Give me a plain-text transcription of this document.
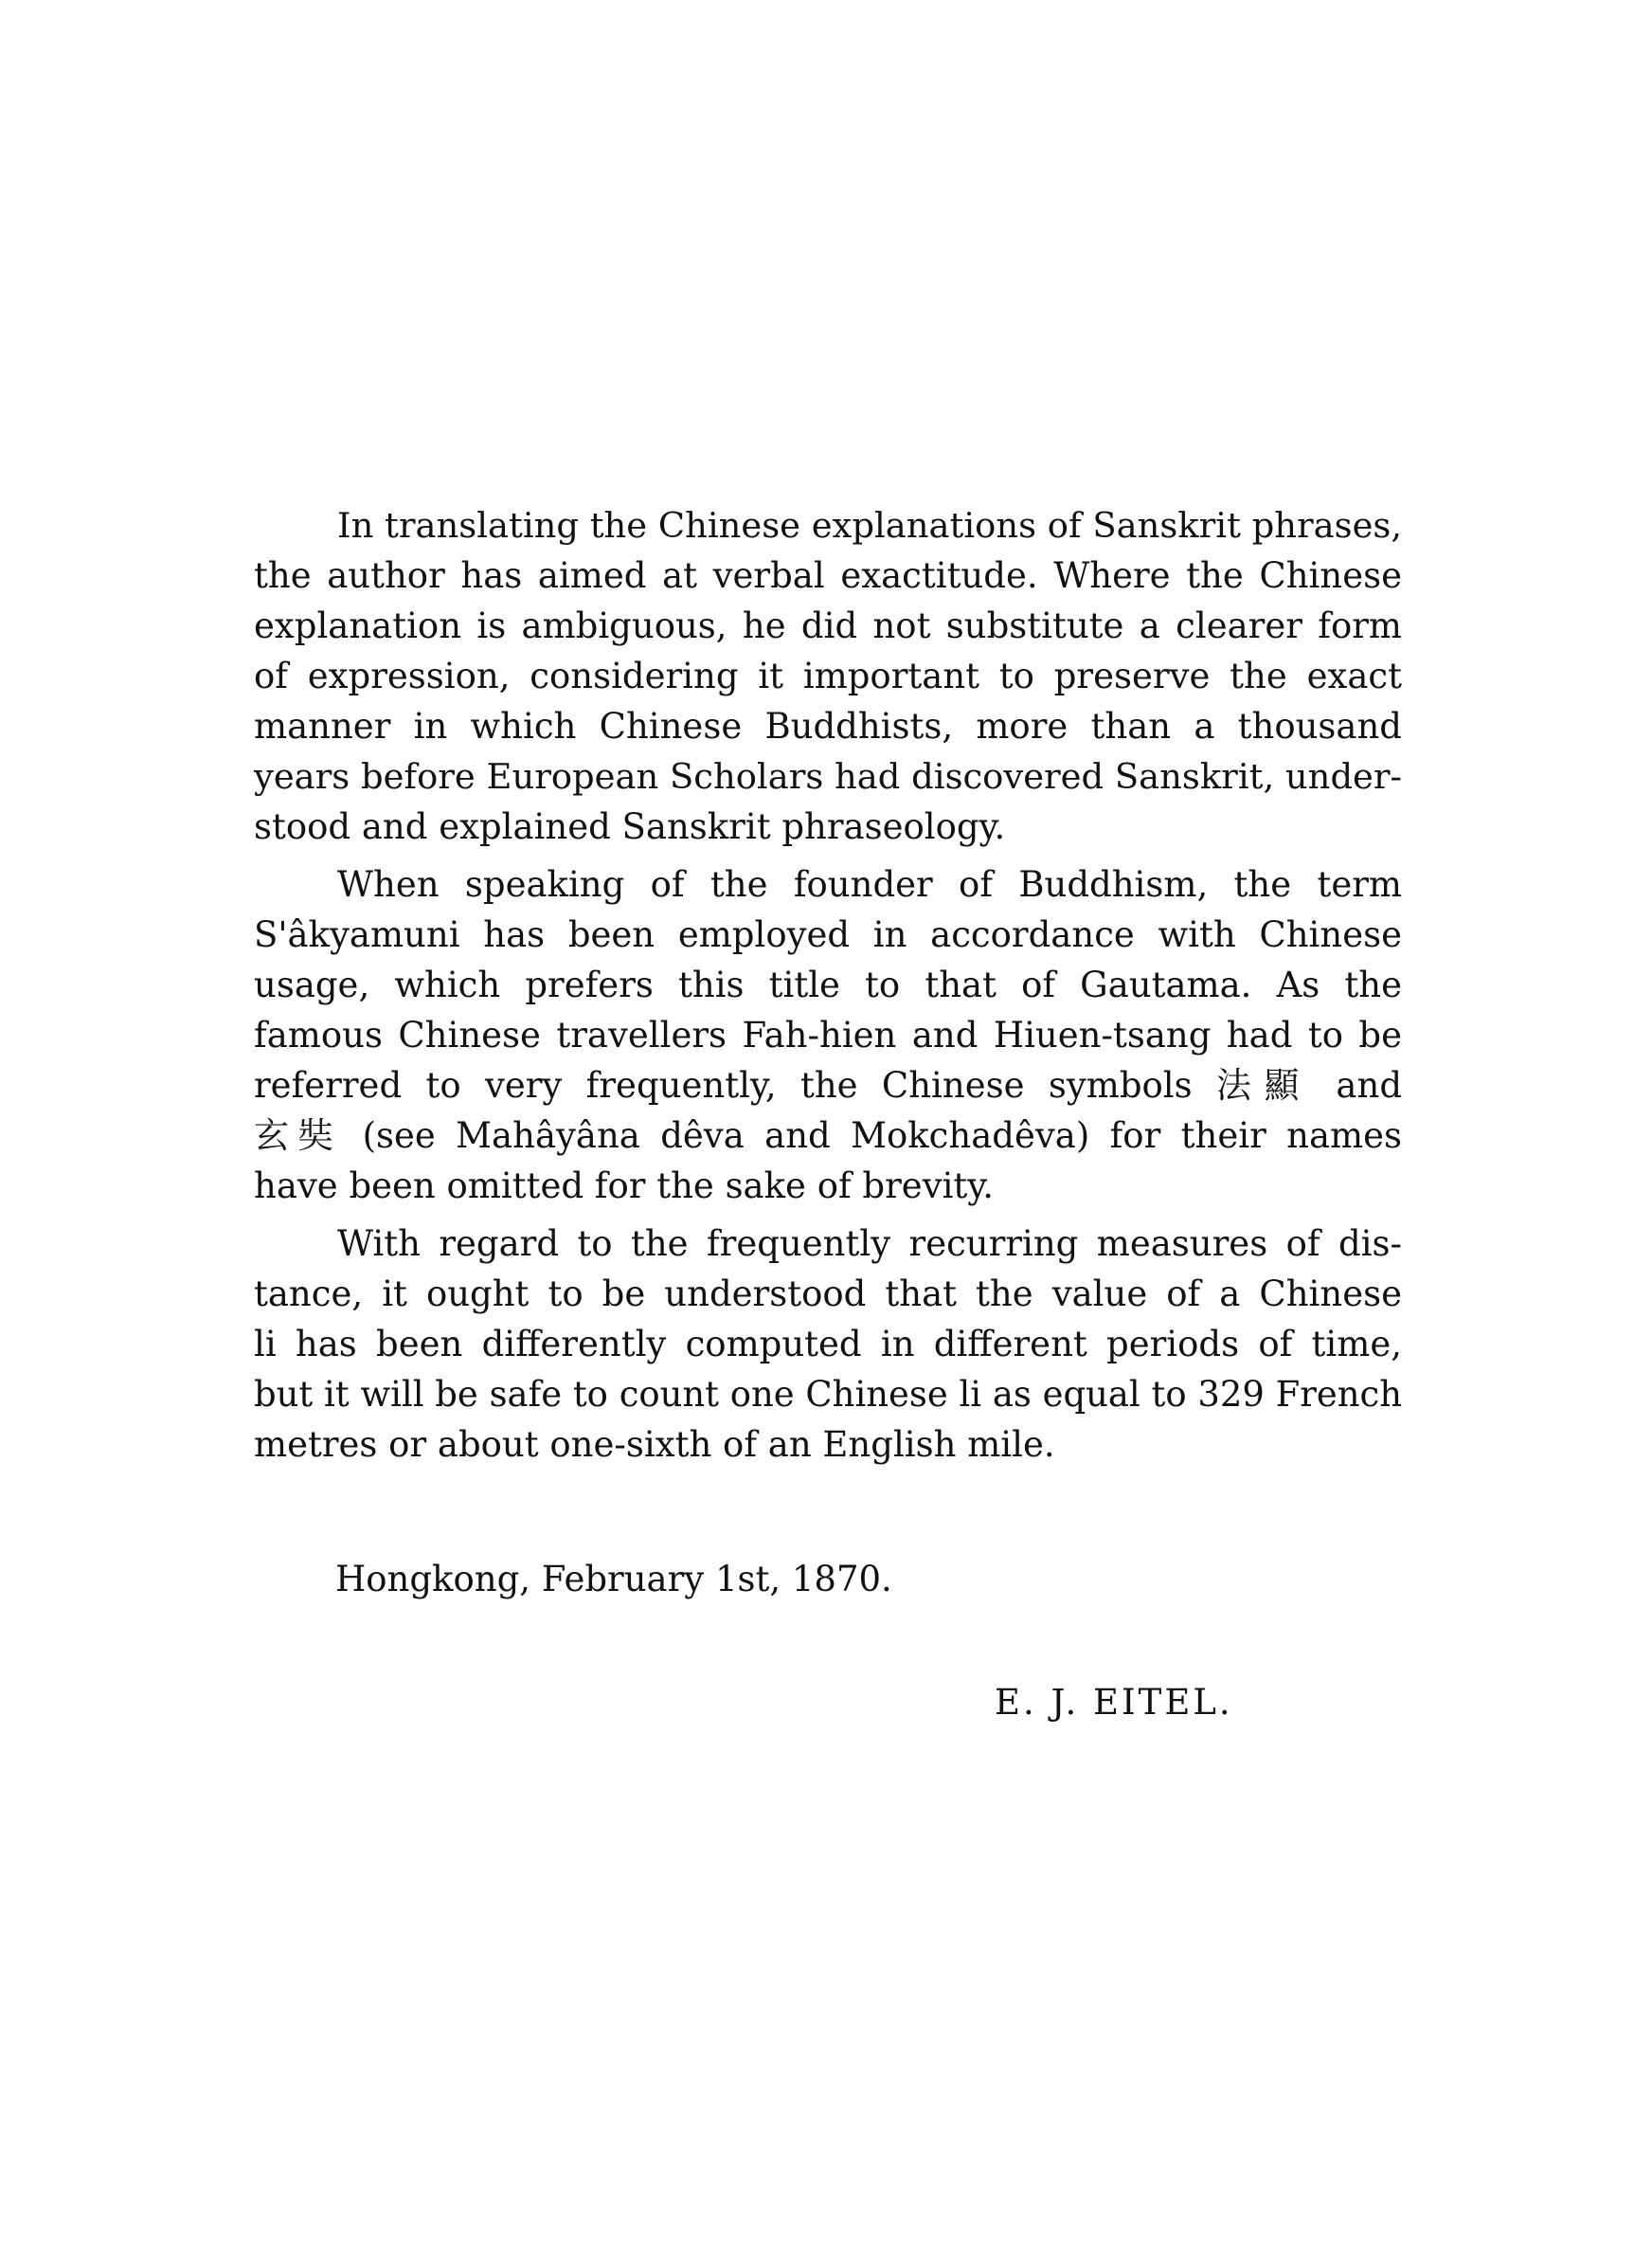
In translating the Chinese explanations of Sanskrit phrases,
the author has aimed at verbal exactitude. Where the Chinese
explanation is ambiguous, he did not substitute a clearer form
of expression, considering it important to preserve the exact
manner in which Chinese Buddhists, more than a thousand
years before European Scholars had discovered Sanskrit, under-
stood and explained Sanskrit phraseology.
When speaking of the founder of Buddhism, the term
S'âkyamuni has been employed in accordance with Chinese
usage, which prefers this title to that of Gautama. As the
famous Chinese travellers Fah-hien and Hiuen-tsang had to be
referred to very frequently, the Chinese symbols 法顯 and
玄奘 (see Mahâyâna dêva and Mokchadêva) for their names
have been omitted for the sake of brevity.
With regard to the frequently recurring measures of dis-
tance, it ought to be understood that the value of a Chinese
li has been differently computed in different periods of time,
but it will be safe to count one Chinese li as equal to 329 French
metres or about one-sixth of an English mile.
Hongkong, February 1st, 1870.
E. J. EITEL.
